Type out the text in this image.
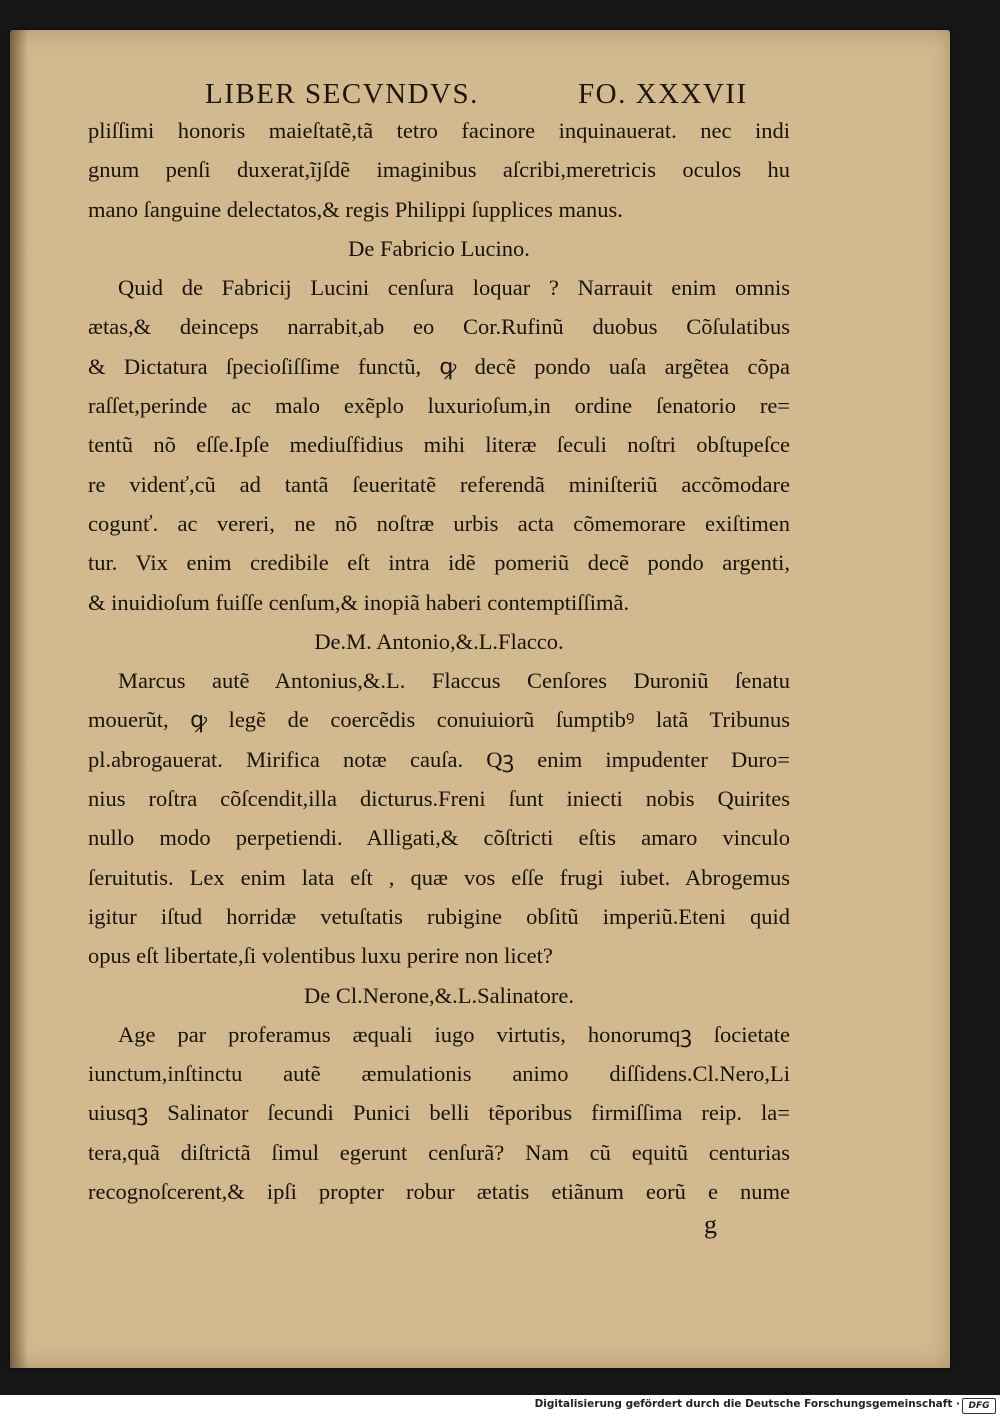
LIBER SECVNDVS.	FO. XXXVII
pliſſimi honoris maieſtatẽ,tã tetro facinore inquinauerat. nec indi
gnum penſi duxerat,ĩjſdẽ imaginibus aſcribi,meretricis oculos hu
mano ſanguine delectatos,& regis Philippi ſupplices manus.
De Fabricio Lucino.
Quid de Fabricij Lucini cenſura loquar ? Narrauit enim omnis
ætas,& deinceps narrabit,ab eo Cor.Rufinũ duobus Cõſulatibus
& Dictatura ſpecioſiſſime functũ, ꝙ decẽ pondo uaſa argẽtea cõpa
raſſet,perinde ac malo exẽplo luxurioſum,in ordine ſenatorio re=
tentũ nõ eſſe.Ipſe mediuſfidius mihi literæ ſeculi noſtri obſtupeſce
re videnť,cũ ad tantã ſeueritatẽ referendã miniſteriũ accõmodare
cogunť. ac vereri, ne nõ noſtræ urbis acta cõmemorare exiſtimen
tur. Vix enim credibile eſt intra idẽ pomeriũ decẽ pondo argenti,
& inuidioſum fuiſſe cenſum,& inopiã haberi contemptiſſimã.
De.M. Antonio,&.L.Flacco.
Marcus autẽ Antonius,&.L. Flaccus Cenſores Duroniũ ſenatu
mouerũt, ꝙ legẽ de coercẽdis conuiuiorũ ſumptibꝰ latã Tribunus
pl.abrogauerat. Mirifica notæ cauſa. Qꝫ enim impudenter Duro=
nius roſtra cõſcendit,illa dicturus.Freni ſunt iniecti nobis Quirites
nullo modo perpetiendi. Alligati,& cõſtricti eſtis amaro vinculo
ſeruitutis. Lex enim lata eſt , quæ vos eſſe frugi iubet. Abrogemus
igitur iſtud horridæ vetuſtatis rubigine obſitũ imperiũ.Eteni quid
opus eſt libertate,ſi volentibus luxu perire non licet?
De Cl.Nerone,&.L.Salinatore.
Age par proferamus æquali iugo virtutis, honorumqꝫ ſocietate
iunctum,inſtinctu autẽ æmulationis animo diſſidens.Cl.Nero,Li
uiusqꝫ Salinator ſecundi Punici belli tẽporibus firmiſſima reip. la=
tera,quã diſtrictã ſimul egerunt cenſurã? Nam cũ equitũ centurias
recognoſcerent,& ipſi propter robur ætatis etiãnum eorũ e nume
g
Digitalisierung gefördert durch die Deutsche Forschungsgemeinschaft · DFG
